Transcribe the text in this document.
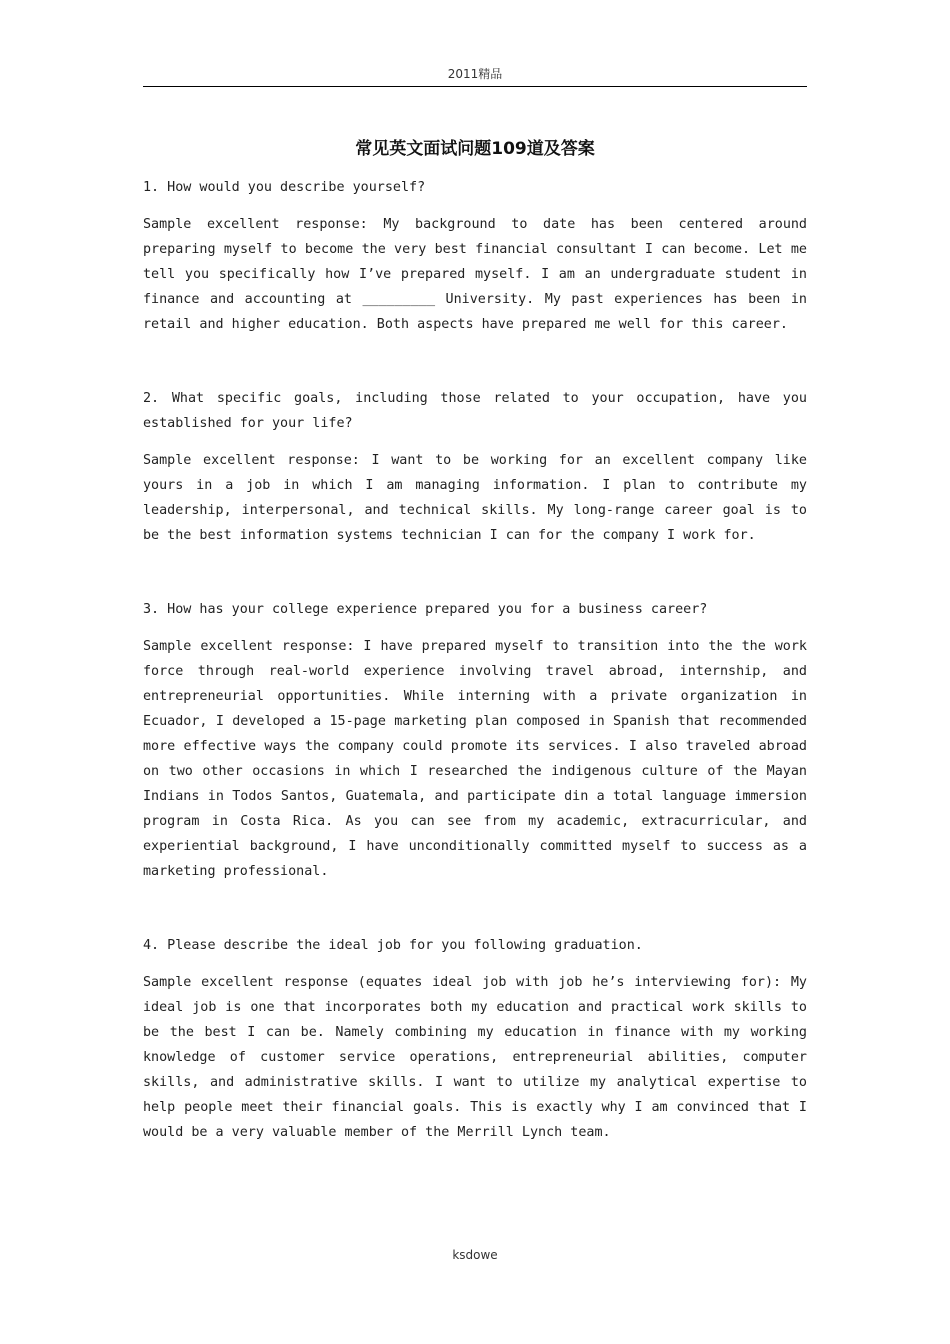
2011精品
常见英文面试问题109道及答案

1. How would you describe yourself?

Sample excellent response: My background to date has been centered around preparing myself to become the very best financial consultant I can become. Let me tell you specifically how I’ve prepared myself. I am an undergraduate student in finance and accounting at _________ University. My past experiences has been in retail and higher education. Both aspects have prepared me well for this career.

2. What specific goals, including those related to your occupation, have you established for your life?

Sample excellent response: I want to be working for an excellent company like yours in a job in which I am managing information. I plan to contribute my leadership, interpersonal, and technical skills. My long-range career goal is to be the best information systems technician I can for the company I work for.

3. How has your college experience prepared you for a business career?

Sample excellent response: I have prepared myself to transition into the the work force through real-world experience involving travel abroad, internship, and entrepreneurial opportunities. While interning with a private organization in Ecuador, I developed a 15-page marketing plan composed in Spanish that recommended more effective ways the company could promote its services. I also traveled abroad on two other occasions in which I researched the indigenous culture of the Mayan Indians in Todos Santos, Guatemala, and participate din a total language immersion program in Costa Rica. As you can see from my academic, extracurricular, and experiential background, I have unconditionally committed myself to success as a marketing professional.

4. Please describe the ideal job for you following graduation.

Sample excellent response (equates ideal job with job he’s interviewing for): My ideal job is one that incorporates both my education and practical work skills to be the best I can be. Namely combining my education in finance with my working knowledge of customer service operations, entrepreneurial abilities, computer skills, and administrative skills. I want to utilize my analytical expertise to help people meet their financial goals. This is exactly why I am convinced that I would be a very valuable member of the Merrill Lynch team.

ksdowe
